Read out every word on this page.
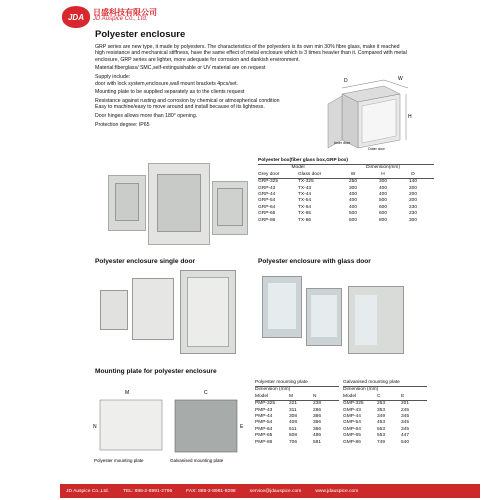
JDA 日盛科技有限公司
JD Auspice Co., Ltd.
Polyester enclosure

GRP series are new type, it made by polyesters. The characteristics of the polyesters is its own min 30% fibre glass, make it reached high resistance and mechanical stiffness, have the same effect of metal enclosure which is 3 times heavier than it. Compared with metal enclosure, GRP series are lighter, more adequate for corrosion and dankish environment.

Material:fiberglass/ SMC,self-extinguishable or UV material are on request

Supply include:

door with lock system,enclosure,wall mount brackets 4pcs/set.

Mounting plate to be supplied separately as to the clients request

Resistance against rusting and corrosion by chemical or atmospherical condition
Easy to machine/easy to move around and install because of its lightness.

Door hinges allows more than 180° opening.

Protection degree: IP65

D	W
H
Inner door
Outer door
Polyester box(fiber glass box,GRP box)
Model	Dimension(mm)
Grey door	Glass door	W	H	D
GRP-325	TX-325	250	300	140
GRP-43	TX-43	300	400	200
GRP-44	TX-44	400	400	200
GRP-54	TX-54	400	500	200
GRP-64	TX-64	400	600	230
GRP-65	TX-65	500	600	230
GRP-86	TX-86	600	800	300
Polyester enclosure single door	Polyester enclosure with glass door
Mounting plate for polyester enclosure
M	C
N	E
Polyester mounting plate	Galvanised mounting plate
Polyester mounting plate
Dimension (mm)
Model	M	N
PMP-325	221	238
PMP-43	311	286
PMP-44	308	386
PMP-54	408	386
PMP-64	511	386
PMP-65	508	486
PMP-86	706	581
Galvanised mounting plate
Dimension (mm)
Model	C	E
GMP-325	263	201
GMP-43	353	245
GMP-44	349	345
GMP-54	453	345
GMP-64	553	345
GMP-65	553	447
GMP-86	749	540
JD Auspice Co.,Ltd.	TEL: 886-2-8991-2796	FAX: 886-2-8991-9298	service@jdauspice.com	www.jdauspice.com
